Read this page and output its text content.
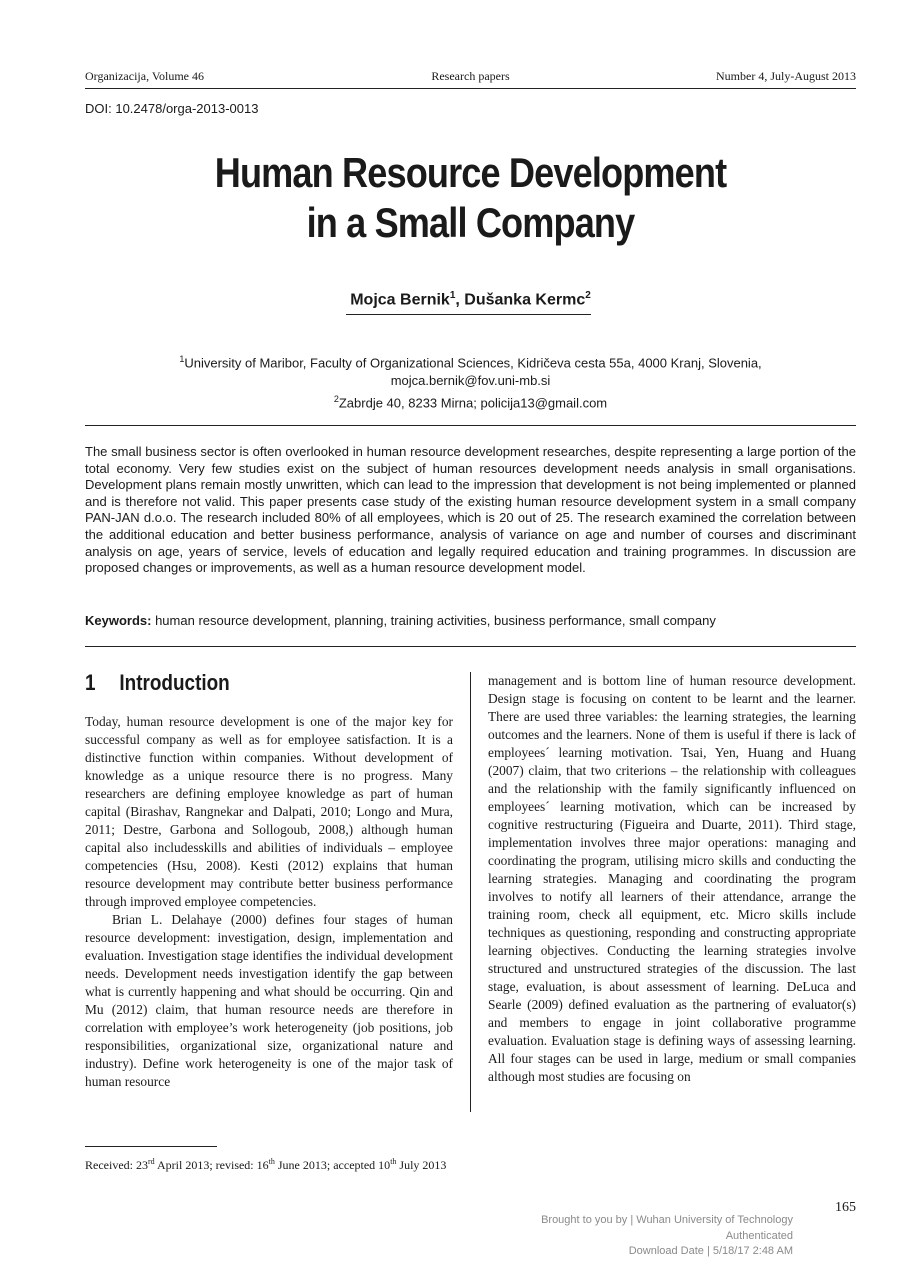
Organizacija, Volume 46	Research papers	Number 4, July-August 2013
DOI: 10.2478/orga-2013-0013
Human Resource Development
in a Small Company
Mojca Bernik$^1$, Dušanka Kermc$^2$
$^1$University of Maribor, Faculty of Organizational Sciences, Kidričeva cesta 55a, 4000 Kranj, Slovenia,
mojca.bernik@fov.uni-mb.si
$^2$Zabrdje 40, 8233 Mirna; policija13@gmail.com
The small business sector is often overlooked in human resource development researches, despite representing a large portion of the total economy. Very few studies exist on the subject of human resources development needs analysis in small organisations. Development plans remain mostly unwritten, which can lead to the impression that development is not being implemented or planned and is therefore not valid. This paper presents case study of the existing human resource development system in a small company PAN-JAN d.o.o. The research included 80% of all employees, which is 20 out of 25. The research examined the correlation between the additional education and better business performance, analysis of variance on age and number of courses and discriminant analysis on age, years of service, levels of education and legally required education and training programmes. In discussion are proposed changes or improvements, as well as a human resource development model.
Keywords: human resource development, planning, training activities, business performance, small company
1 Introduction

Today, human resource development is one of the major key for successful company as well as for employee satisfaction. It is a distinctive function within companies. Without development of knowledge as a unique resource there is no progress. Many researchers are defining employee knowledge as part of human capital (Birashav, Rangnekar and Dalpati, 2010; Longo and Mura, 2011; Destre, Garbona and Sollogoub, 2008,) although human capital also includesskills and abilities of individuals – employee competencies (Hsu, 2008). Kesti (2012) explains that human resource development may contribute better business performance through improved employee competencies.

Brian L. Delahaye (2000) defines four stages of human resource development: investigation, design, implementation and evaluation. Investigation stage identifies the individual development needs. Development needs investigation identify the gap between what is currently happening and what should be occurring. Qin and Mu (2012) claim, that human resource needs are therefore in correlation with employee’s work heterogeneity (job positions, job responsibilities, organizational size, organizational nature and industry). Define work heterogeneity is one of the major task of human resource

management and is bottom line of human resource development. Design stage is focusing on content to be learnt and the learner. There are used three variables: the learning strategies, the learning outcomes and the learners. None of them is useful if there is lack of employees´ learning motivation. Tsai, Yen, Huang and Huang (2007) claim, that two criterions – the relationship with colleagues and the relationship with the family significantly influenced on employees´ learning motivation, which can be increased by cognitive restructuring (Figueira and Duarte, 2011). Third stage, implementation involves three major operations: managing and coordinating the program, utilising micro skills and conducting the learning strategies. Managing and coordinating the program involves to notify all learners of their attendance, arrange the training room, check all equipment, etc. Micro skills include techniques as questioning, responding and constructing appropriate learning objectives. Conducting the learning strategies involve structured and unstructured strategies of the discussion. The last stage, evaluation, is about assessment of learning. DeLuca and Searle (2009) defined evaluation as the partnering of evaluator(s) and members to engage in joint collaborative programme evaluation. Evaluation stage is defining ways of assessing learning. All four stages can be used in large, medium or small companies although most studies are focusing on

Received: 23rd April 2013; revised: 16th June 2013; accepted 10th July 2013
165
Brought to you by | Wuhan University of Technology
Authenticated
Download Date | 5/18/17 2:48 AM
